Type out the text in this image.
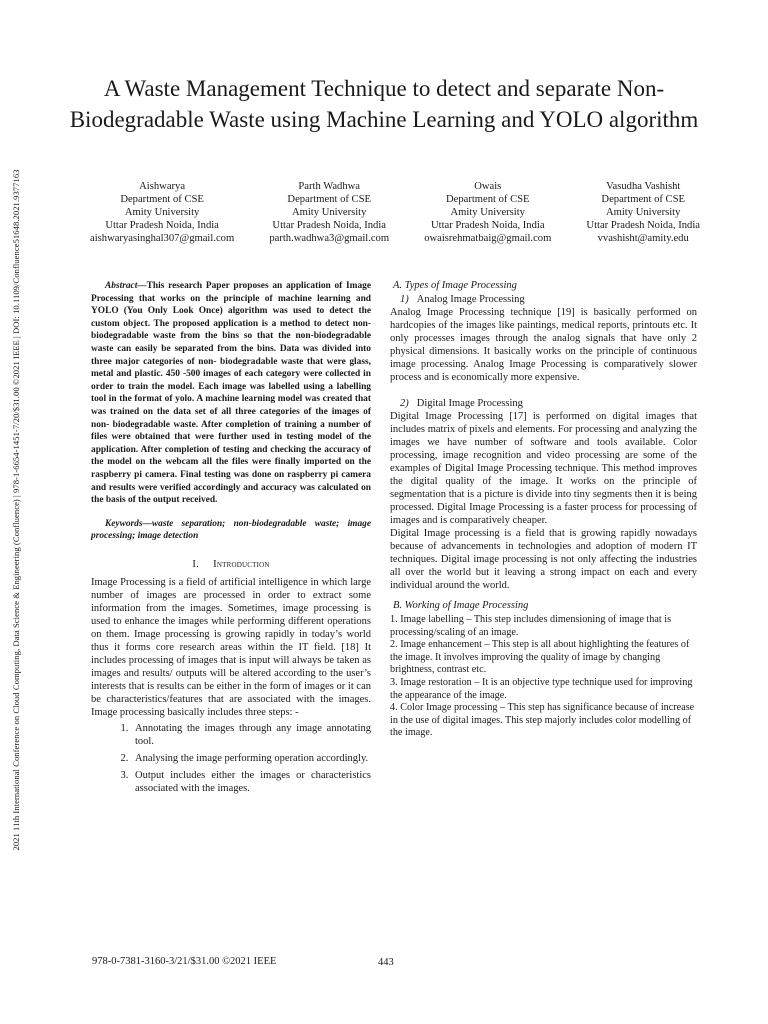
2021 11th International Conference on Cloud Computing, Data Science & Engineering (Confluence) | 978-1-6654-1451-7/20/$31.00 ©2021 IEEE | DOI: 10.1109/Confluence51648.2021.9377163
A Waste Management Technique to detect and separate Non-Biodegradable Waste using Machine Learning and YOLO algorithm
Aishwarya
Department of CSE
Amity University
Uttar Pradesh Noida, India
aishwaryasinghal307@gmail.com
Parth Wadhwa
Department of CSE
Amity University
Uttar Pradesh Noida, India
parth.wadhwa3@gmail.com
Owais
Department of CSE
Amity University
Uttar Pradesh Noida, India
owaisrehmatbaig@gmail.com
Vasudha Vashisht
Department of CSE
Amity University
Uttar Pradesh Noida, India
vvashisht@amity.edu

Abstract—This research Paper proposes an application of Image Processing that works on the principle of machine learning and YOLO (You Only Look Once) algorithm was used to detect the custom object. The proposed application is a method to detect non-biodegradable waste from the bins so that the non-biodegradable waste can easily be separated from the bins. Data was divided into three major categories of non- biodegradable waste that were glass, metal and plastic. 450 -500 images of each category were collected in order to train the model. Each image was labelled using a labelling tool in the format of yolo. A machine learning model was created that was trained on the data set of all three categories of the images of non- biodegradable waste. After completion of training a number of files were obtained that were further used in testing model of the application. After completion of testing and checking the accuracy of the model on the webcam all the files were finally imported on the raspberry pi camera. Final testing was done on raspberry pi camera and results were verified accordingly and accuracy was calculated on the basis of the output received.

Keywords—waste separation; non-biodegradable waste; image processing; image detection

I. Introduction

Image Processing is a field of artificial intelligence in which large number of images are processed in order to extract some information from the images. Sometimes, image processing is used to enhance the images while performing different operations on them. Image processing is growing rapidly in today’s world thus it forms core research areas within the IT field. [18] It includes processing of images that is input will always be taken as images and results/ outputs will be altered according to the user’s interests that is results can be either in the form of images or it can be characteristics/features that are associated with the images. Image processing basically includes three steps: -

1. Annotating the images through any image annotating tool.
2. Analysing the image performing operation accordingly.
3. Output includes either the images or characteristics associated with the images.
A. Types of Image Processing
1) Analog Image Processing

Analog Image Processing technique [19] is basically performed on hardcopies of the images like paintings, medical reports, printouts etc. It only processes images through the analog signals that have only 2 physical dimensions. It basically works on the principle of continuous image processing. Analog Image Processing is comparatively slower process and is economically more expensive.

2) Digital Image Processing

Digital Image Processing [17] is performed on digital images that includes matrix of pixels and elements. For processing and analyzing the images we have number of software and tools available. Color processing, image recognition and video processing are some of the examples of Digital Image Processing technique. This method improves the digital quality of the image. It works on the principle of segmentation that is a picture is divide into tiny segments then it is being processed. Digital Image Processing is a faster process for processing of images and is comparatively cheaper.

Digital Image processing is a field that is growing rapidly nowadays because of advancements in technologies and adoption of modern IT techniques. Digital image processing is not only affecting the industries all over the world but it leaving a strong impact on each and every individual around the world.

B. Working of Image Processing

1. Image labelling – This step includes dimensioning of image that is processing/scaling of an image.

2. Image enhancement – This step is all about highlighting the features of the image. It involves improving the quality of image by changing brightness, contrast etc.

3. Image restoration – It is an objective type technique used for improving the appearance of the image.

4. Color Image processing – This step has significance because of increase in the use of digital images. This step majorly includes color modelling of the image.

978-0-7381-3160-3/21/$31.00 ©2021 IEEE	443
